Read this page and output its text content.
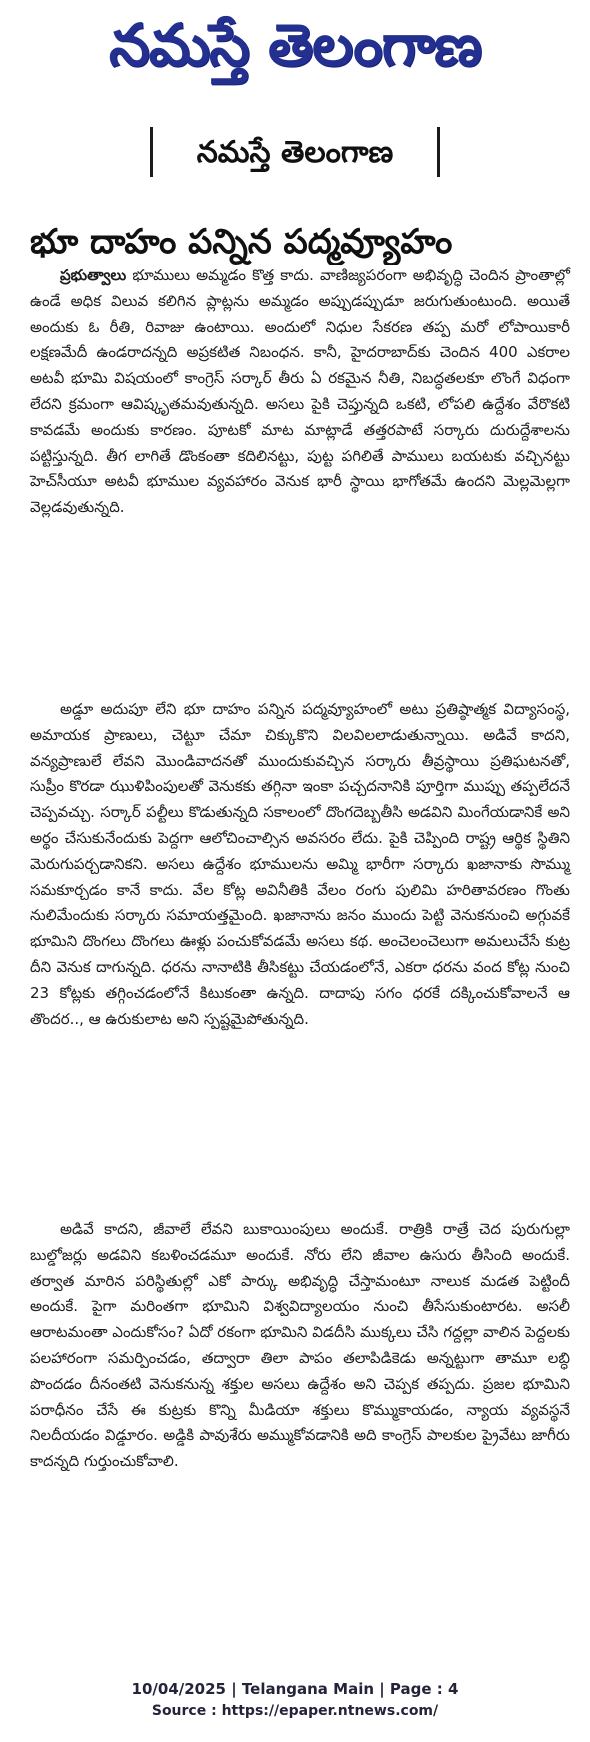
నమస్తే తెలంగాణ
నమస్తే తెలంగాణ
భూ దాహం పన్నిన పద్మవ్యూహం

ప్రభుత్వాలు భూములు అమ్మడం కొత్త కాదు. వాణిజ్యపరంగా అభివృద్ధి చెందిన ప్రాంతాల్లో ఉండే అధిక విలువ కలిగిన ప్లాట్లను అమ్మడం అప్పుడప్పుడూ జరుగుతుంటుంది. అయితే అందుకు ఓ రీతి, రివాజు ఉంటాయి. అందులో నిధుల సేకరణ తప్ప మరో లోపాయికారీ లక్షణమేదీ ఉండరాదన్నది అప్రకటిత నిబంధన. కానీ, హైదరాబాద్‌కు చెందిన 400 ఎకరాల అటవీ భూమి విషయంలో కాంగ్రెస్ సర్కార్ తీరు ఏ రకమైన నీతి, నిబద్ధతలకూ లొంగే విధంగా లేదని క్రమంగా ఆవిష్కృతమవుతున్నది. అసలు పైకి చెప్తున్నది ఒకటి, లోపలి ఉద్దేశం వేరొకటి కావడమే అందుకు కారణం. పూటకో మాట మాట్లాడే తత్తరపాటే సర్కారు దురుద్దేశాలను పట్టిస్తున్నది. తీగ లాగితే డొంకంతా కదిలినట్టు, పుట్ట పగిలితే పాములు బయటకు వచ్చినట్టు హెచ్‌సీయూ అటవీ భూముల వ్యవహారం వెనుక భారీ స్థాయి భాగోతమే ఉందని మెల్లమెల్లగా వెల్లడవుతున్నది.

అడ్డూ అదుపూ లేని భూ దాహం పన్నిన పద్మవ్యూహంలో అటు ప్రతిష్ఠాత్మక విద్యాసంస్థ, అమాయక ప్రాణులు, చెట్టూ చేమా చిక్కుకొని విలవిలలాడుతున్నాయి. అడివే కాదని, వన్యప్రాణులే లేవని మొండివాదనతో ముందుకువచ్చిన సర్కారు తీవ్రస్థాయి ప్రతిఘటనతో, సుప్రీం కొరడా ఝుళిపింపులతో వెనుకకు తగ్గినా ఇంకా పచ్చదనానికి పూర్తిగా ముప్పు తప్పలేదనే చెప్పవచ్చు. సర్కార్ పల్టీలు కొడుతున్నది సకాలంలో దొంగదెబ్బతీసి అడవిని మింగేయడానికే అని అర్థం చేసుకునేందుకు పెద్దగా ఆలోచించాల్సిన అవసరం లేదు. పైకి చెప్పింది రాష్ట్ర ఆర్థిక స్థితిని మెరుగుపర్చడానికని. అసలు ఉద్దేశం భూములను అమ్మి భారీగా సర్కారు ఖజానాకు సొమ్ము సమకూర్చడం కానే కాదు. వేల కోట్ల అవినీతికి వేలం రంగు పులిమి హరితావరణం గొంతు నులిమేందుకు సర్కారు సమాయత్తమైంది. ఖజానాను జనం ముందు పెట్టి వెనుకనుంచి అగ్గువకే భూమిని దొంగలు దొంగలు ఊళ్లు పంచుకోవడమే అసలు కథ. అంచెలంచెలుగా అమలుచేసే కుట్ర దీని వెనుక దాగున్నది. ధరను నానాటికి తీసికట్టు చేయడంలోనే, ఎకరా ధరను వంద కోట్ల నుంచి 23 కోట్లకు తగ్గించడంలోనే కిటుకంతా ఉన్నది. దాదాపు సగం ధరకే దక్కించుకోవాలనే ఆ తొందర.., ఆ ఉరుకులాట అని స్పష్టమైపోతున్నది.

అడివే కాదని, జీవాలే లేవని బుకాయింపులు అందుకే. రాత్రికి రాత్రే చెద పురుగుల్లా బుల్డోజర్లు అడవిని కబళించడమూ అందుకే. నోరు లేని జీవాల ఉసురు తీసింది అందుకే. తర్వాత మారిన పరిస్థితుల్లో ఎకో పార్కు అభివృద్ధి చేస్తామంటూ నాలుక మడత పెట్టిందీ అందుకే. పైగా మరింతగా భూమిని విశ్వవిద్యాలయం నుంచి తీసేసుకుంటారట. అసలీ ఆరాటమంతా ఎందుకోసం? ఏదో రకంగా భూమిని విడదీసి ముక్కలు చేసి గద్దల్లా వాలిన పెద్దలకు పలహారంగా సమర్పించడం, తద్వారా తిలా పాపం తలాపిడికెడు అన్నట్టుగా తామూ లబ్ధి పొందడం దీనంతటి వెనుకనున్న శక్తుల అసలు ఉద్దేశం అని చెప్పక తప్పదు. ప్రజల భూమిని పరాధీనం చేసే ఈ కుట్రకు కొన్ని మీడియా శక్తులు కొమ్ముకాయడం, న్యాయ వ్యవస్థనే నిలదీయడం విడ్డూరం. అడ్డికి పావుశేరు అమ్ముకోవడానికి అది కాంగ్రెస్ పాలకుల ప్రైవేటు జాగీరు కాదన్నది గుర్తుంచుకోవాలి.

10/04/2025 | Telangana Main | Page : 4
Source : https://epaper.ntnews.com/
